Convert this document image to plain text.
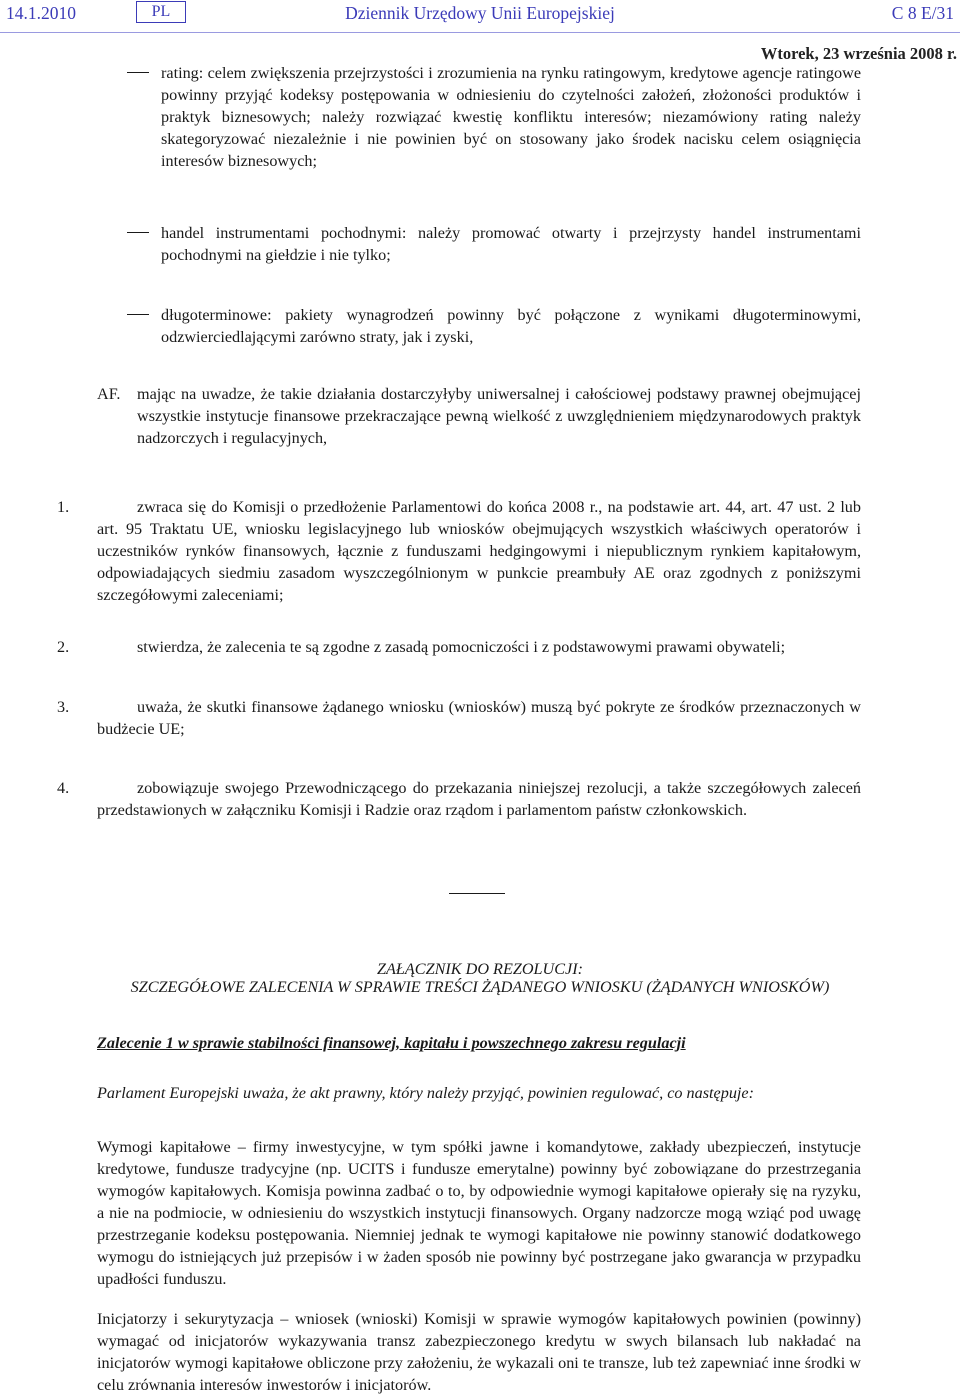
14.1.2010	PL	Dziennik Urzędowy Unii Europejskiej	C 8 E/31
Wtorek, 23 września 2008 r.
rating: celem zwiększenia przejrzystości i zrozumienia na rynku ratingowym, kredytowe agencje ratingowe powinny przyjąć kodeksy postępowania w odniesieniu do czytelności założeń, złożoności produktów i praktyk biznesowych; należy rozwiązać kwestię konfliktu interesów; niezamówiony rating należy skategoryzować niezależnie i nie powinien być on stosowany jako środek nacisku celem osiągnięcia interesów biznesowych;
handel instrumentami pochodnymi: należy promować otwarty i przejrzysty handel instrumentami pochodnymi na giełdzie i nie tylko;
długoterminowe: pakiety wynagrodzeń powinny być połączone z wynikami długoterminowymi, odzwierciedlającymi zarówno straty, jak i zyski,
AF. mając na uwadze, że takie działania dostarczyłyby uniwersalnej i całościowej podstawy prawnej obejmującej wszystkie instytucje finansowe przekraczające pewną wielkość z uwzględnieniem międzynarodowych praktyk nadzorczych i regulacyjnych,
1.	zwraca się do Komisji o przedłożenie Parlamentowi do końca 2008 r., na podstawie art. 44, art. 47 ust. 2 lub art. 95 Traktatu UE, wniosku legislacyjnego lub wniosków obejmujących wszystkich właściwych operatorów i uczestników rynków finansowych, łącznie z funduszami hedgingowymi i niepublicznym rynkiem kapitałowym, odpowiadających siedmiu zasadom wyszczególnionym w punkcie preambuły AE oraz zgodnych z poniższymi szczegółowymi zaleceniami;
2.	stwierdza, że zalecenia te są zgodne z zasadą pomocniczości i z podstawowymi prawami obywateli;
3.	uważa, że skutki finansowe żądanego wniosku (wniosków) muszą być pokryte ze środków przeznaczonych w budżecie UE;
4.	zobowiązuje swojego Przewodniczącego do przekazania niniejszej rezolucji, a także szczegółowych zaleceń przedstawionych w załączniku Komisji i Radzie oraz rządom i parlamentom państw członkowskich.
ZAŁĄCZNIK DO REZOLUCJI:
SZCZEGÓŁOWE ZALECENIA W SPRAWIE TREŚCI ŻĄDANEGO WNIOSKU (ŻĄDANYCH WNIOSKÓW)
Zalecenie 1 w sprawie stabilności finansowej, kapitału i powszechnego zakresu regulacji
Parlament Europejski uważa, że akt prawny, który należy przyjąć, powinien regulować, co następuje:
Wymogi kapitałowe – firmy inwestycyjne, w tym spółki jawne i komandytowe, zakłady ubezpieczeń, instytucje kredytowe, fundusze tradycyjne (np. UCITS i fundusze emerytalne) powinny być zobowiązane do przestrzegania wymogów kapitałowych. Komisja powinna zadbać o to, by odpowiednie wymogi kapitałowe opierały się na ryzyku, a nie na podmiocie, w odniesieniu do wszystkich instytucji finansowych. Organy nadzorcze mogą wziąć pod uwagę przestrzeganie kodeksu postępowania. Niemniej jednak te wymogi kapitałowe nie powinny stanowić dodatkowego wymogu do istniejących już przepisów i w żaden sposób nie powinny być postrzegane jako gwarancja w przypadku upadłości funduszu.
Inicjatorzy i sekurytyzacja – wniosek (wnioski) Komisji w sprawie wymogów kapitałowych powinien (powinny) wymagać od inicjatorów wykazywania transz zabezpieczonego kredytu w swych bilansach lub nakładać na inicjatorów wymogi kapitałowe obliczone przy założeniu, że wykazali oni te transze, lub też zapewniać inne środki w celu zrównania interesów inwestorów i inicjatorów.
